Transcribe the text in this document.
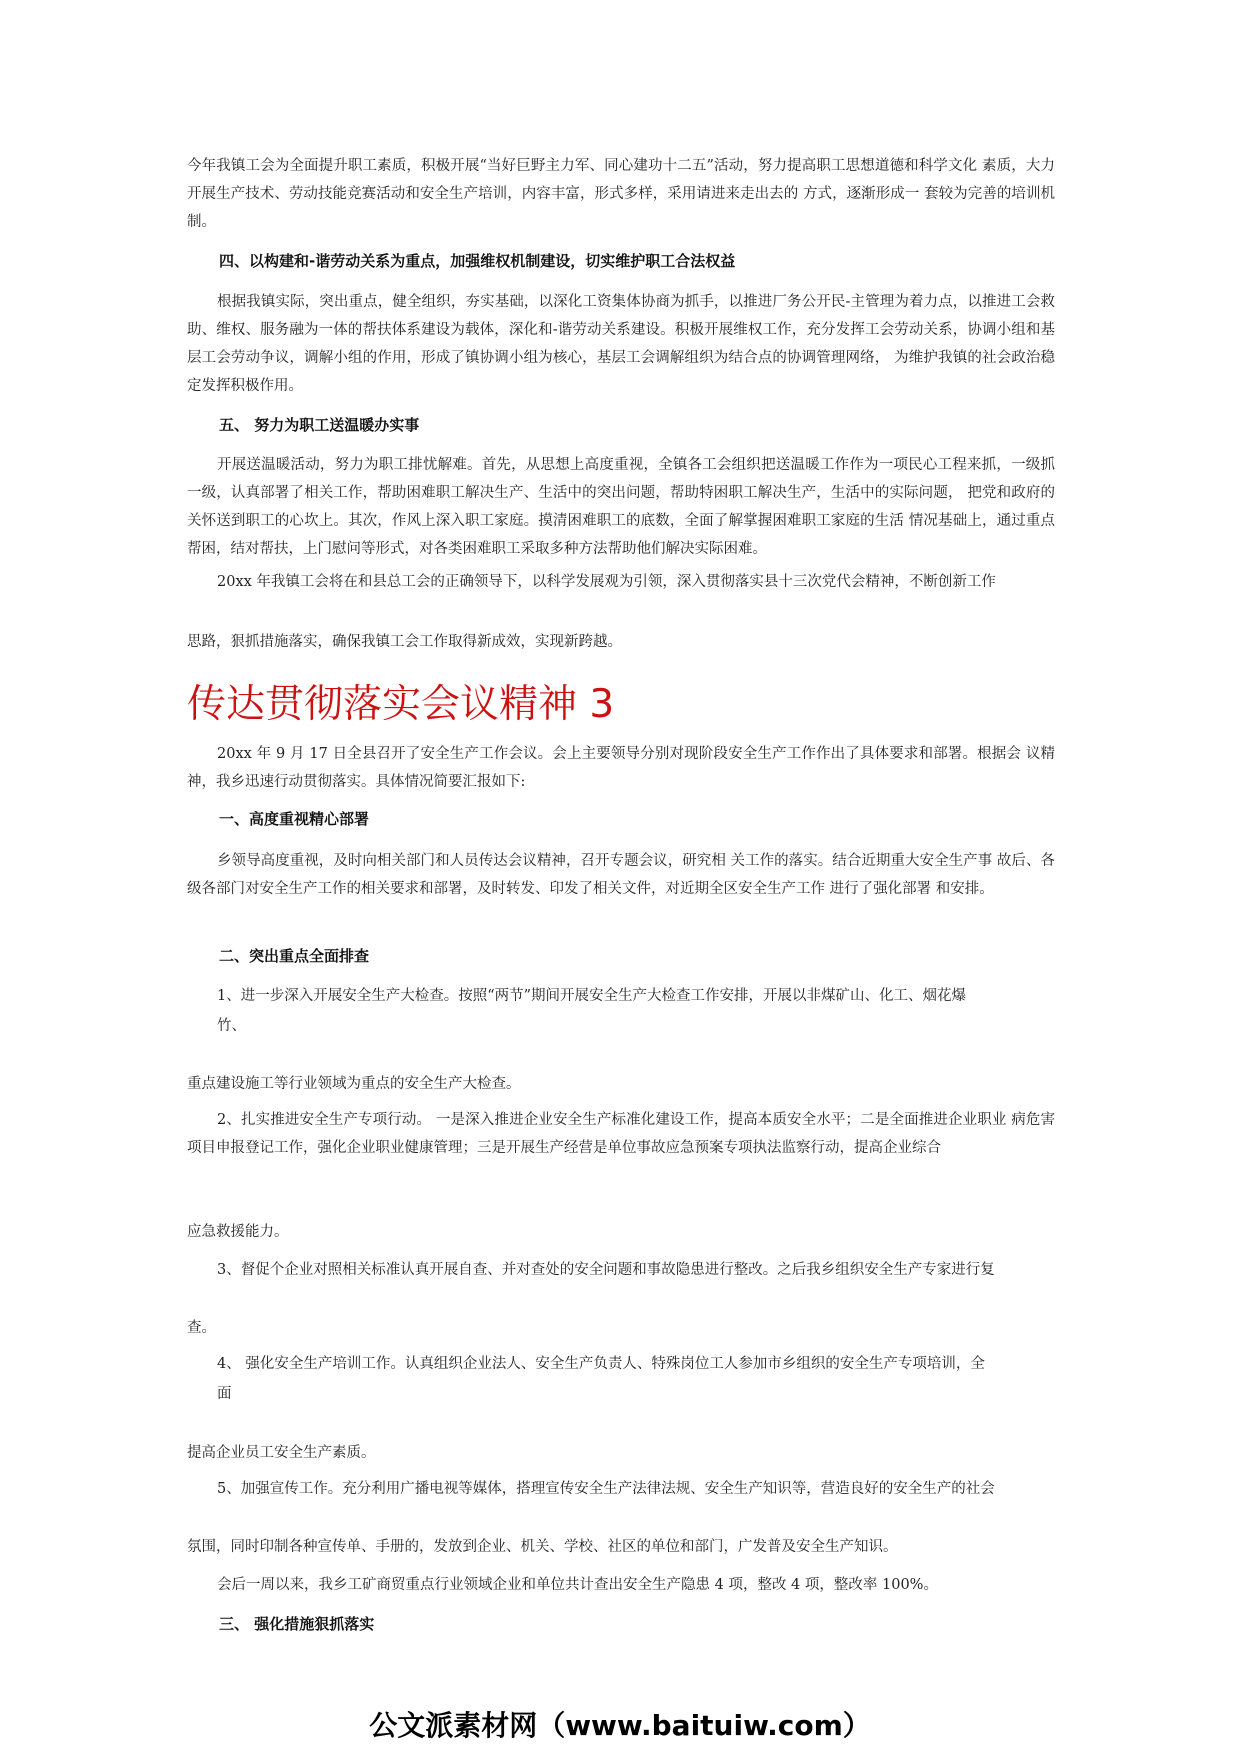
今年我镇工会为全面提升职工素质，积极开展“当好巨野主力军、同心建功十二五”活动，努力提高职工思想道德和科学文化 素质，大力开展生产技术、劳动技能竞赛活动和安全生产培训，内容丰富，形式多样，采用请进来走出去的 方式，逐渐形成一 套较为完善的培训机制。

四、以构建和-谐劳动关系为重点，加强维权机制建设，切实维护职工合法权益

根据我镇实际，突出重点，健全组织，夯实基础，以深化工资集体协商为抓手，以推进厂务公开民-主管理为着力点，以推进工会救助、维权、服务融为一体的帮扶体系建设为载体，深化和-谐劳动关系建设。积极开展维权工作，充分发挥工会劳动关系，协调小组和基层工会劳动争议，调解小组的作用，形成了镇协调小组为核心，基层工会调解组织为结合点的协调管理网络， 为维护我镇的社会政治稳定发挥积极作用。

五、 努力为职工送温暖办实事

开展送温暖活动，努力为职工排忧解难。首先，从思想上高度重视，全镇各工会组织把送温暖工作作为一项民心工程来抓，一级抓一级，认真部署了相关工作，帮助困难职工解决生产、生活中的突出问题，帮助特困职工解决生产，生活中的实际问题， 把党和政府的关怀送到职工的心坎上。其次，作风上深入职工家庭。摸清困难职工的底数，全面了解掌握困难职工家庭的生活 情况基础上，通过重点帮困，结对帮扶，上门慰问等形式，对各类困难职工采取多种方法帮助他们解决实际困难。

20xx 年我镇工会将在和县总工会的正确领导下，以科学发展观为引领，深入贯彻落实县十三次党代会精神，不断创新工作

思路，狠抓措施落实，确保我镇工会工作取得新成效，实现新跨越。

传达贯彻落实会议精神 3

20xx 年 9 月 17 日全县召开了安全生产工作会议。会上主要领导分别对现阶段安全生产工作作出了具体要求和部署。根据会 议精神，我乡迅速行动贯彻落实。具体情况简要汇报如下:

一、高度重视精心部署

乡领导高度重视，及时向相关部门和人员传达会议精神，召开专题会议，研究相 关工作的落实。结合近期重大安全生产事 故后、各级各部门对安全生产工作的相关要求和部署，及时转发、印发了相关文件，对近期全区安全生产工作 进行了强化部署 和安排。

二、突出重点全面排查

1、进一步深入开展安全生产大检查。按照“两节”期间开展安全生产大检查工作安排，开展以非煤矿山、化工、烟花爆

竹、

重点建设施工等行业领域为重点的安全生产大检查。

2、扎实推进安全生产专项行动。 一是深入推进企业安全生产标准化建设工作，提高本质安全水平；二是全面推进企业职业 病危害项目申报登记工作，强化企业职业健康管理；三是开展生产经营是单位事故应急预案专项执法监察行动，提高企业综合

应急救援能力。

3、督促个企业对照相关标准认真开展自查、并对查处的安全问题和事故隐患进行整改。之后我乡组织安全生产专家进行复

查。

4、 强化安全生产培训工作。认真组织企业法人、安全生产负责人、特殊岗位工人参加市乡组织的安全生产专项培训，全

面

提高企业员工安全生产素质。

5、加强宣传工作。充分利用广播电视等媒体，搭理宣传安全生产法律法规、安全生产知识等，营造良好的安全生产的社会

氛围，同时印制各种宣传单、手册的，发放到企业、机关、学校、社区的单位和部门，广发普及安全生产知识。

会后一周以来，我乡工矿商贸重点行业领域企业和单位共计查出安全生产隐患 4 项，整改 4 项，整改率 100%。

三、 强化措施狠抓落实

公文派素材网（www.baituiw.com）
